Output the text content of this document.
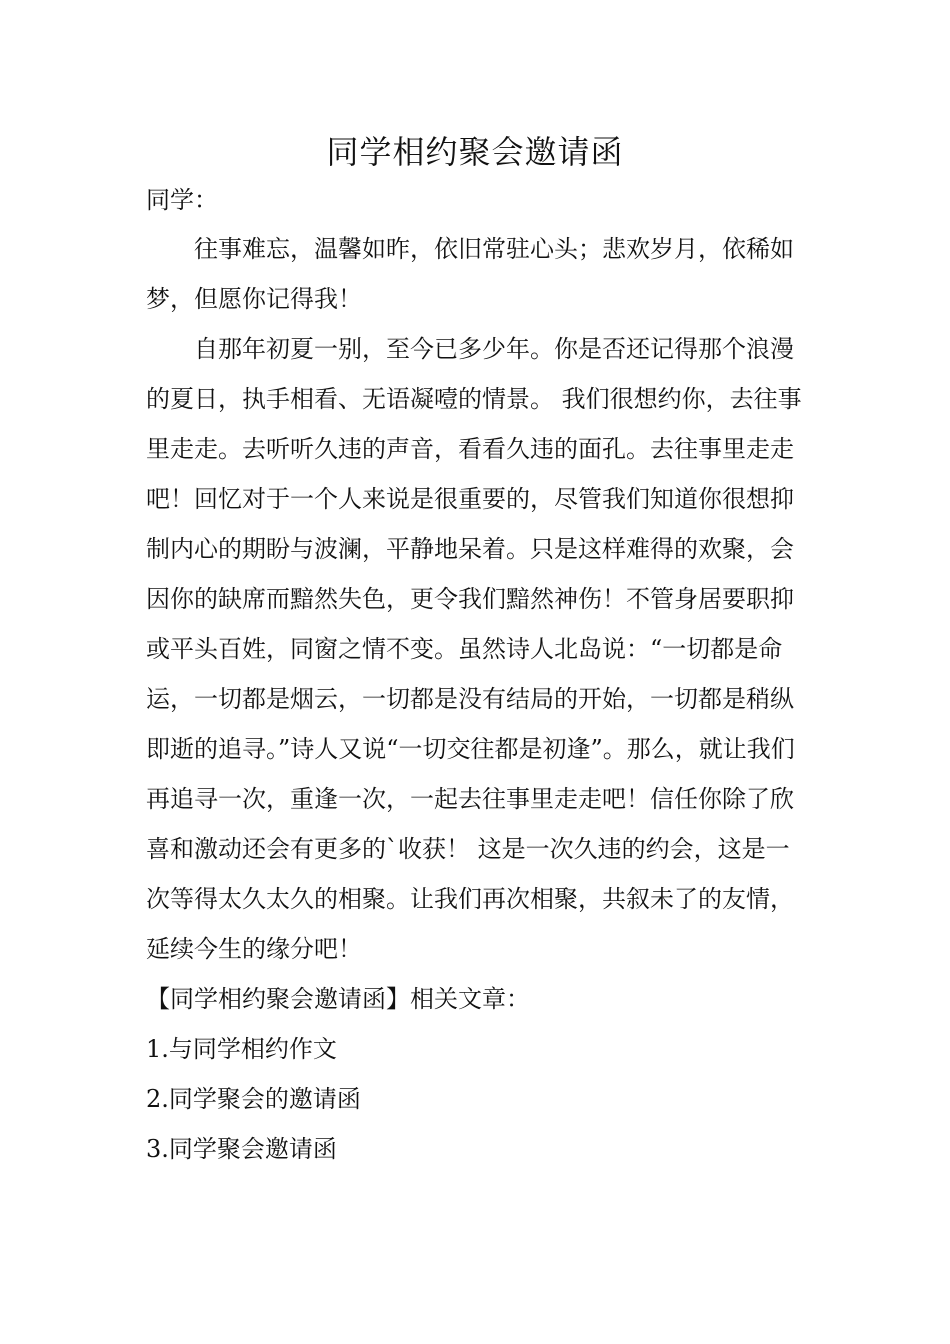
同学相约聚会邀请函

同学：

往事难忘，温馨如昨，依旧常驻心头；悲欢岁月，依稀如梦，但愿你记得我！

自那年初夏一别，至今已多少年。你是否还记得那个浪漫的夏日，执手相看、无语凝噎的情景。 我们很想约你，去往事里走走。去听听久违的声音，看看久违的面孔。去往事里走走吧！回忆对于一个人来说是很重要的，尽管我们知道你很想抑制内心的期盼与波澜，平静地呆着。只是这样难得的欢聚，会因你的缺席而黯然失色，更令我们黯然神伤！不管身居要职抑或平头百姓，同窗之情不变。虽然诗人北岛说：“一切都是命运，一切都是烟云，一切都是没有结局的开始，一切都是稍纵即逝的追寻。”诗人又说“一切交往都是初逢”。那么，就让我们再追寻一次，重逢一次，一起去往事里走走吧！信任你除了欣喜和激动还会有更多的`收获！ 这是一次久违的约会，这是一次等得太久太久的相聚。让我们再次相聚，共叙未了的友情，延续今生的缘分吧！

【同学相约聚会邀请函】相关文章：

1.与同学相约作文
2.同学聚会的邀请函
3.同学聚会邀请函
